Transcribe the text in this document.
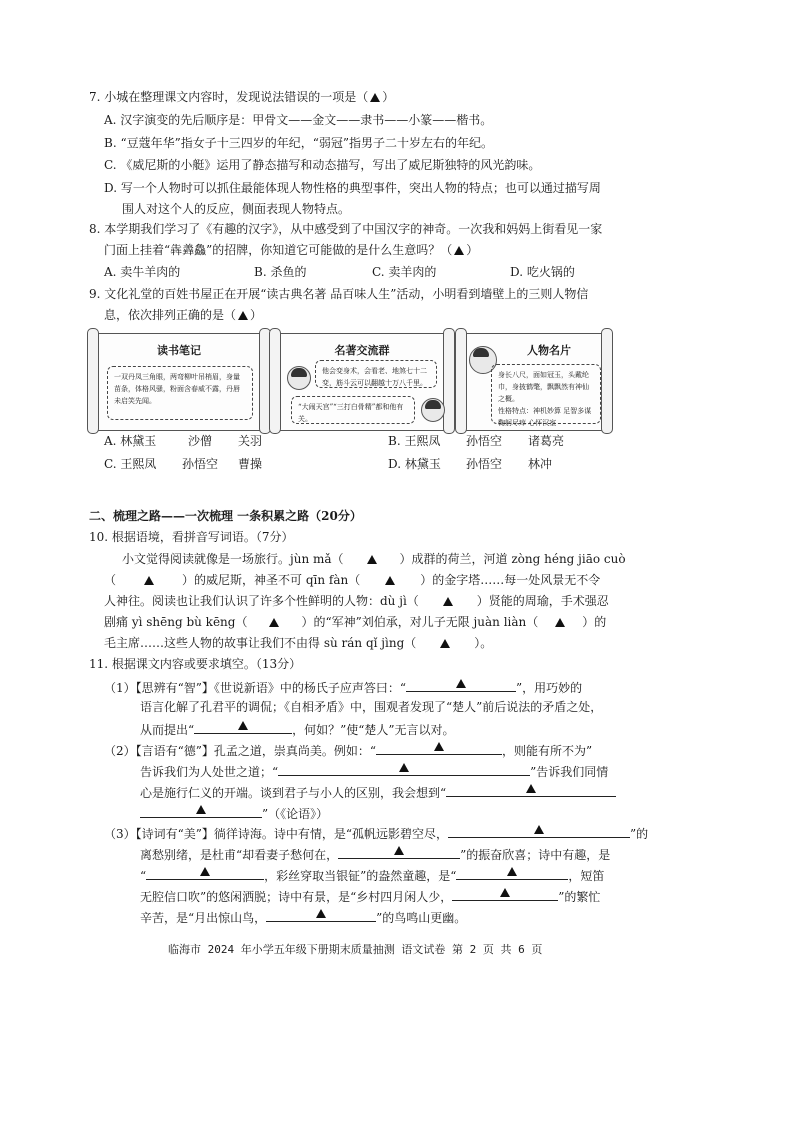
7. 小城在整理课文内容时，发现说法错误的一项是（ ）
A. 汉字演变的先后顺序是：甲骨文——金文——隶书——小篆——楷书。
B. “豆蔻年华”指女子十三四岁的年纪，“弱冠”指男子二十岁左右的年纪。
C. 《威尼斯的小艇》运用了静态描写和动态描写，写出了威尼斯独特的风光韵味。
D. 写一个人物时可以抓住最能体现人物性格的典型事件，突出人物的特点；也可以通过描写周
围人对这个人的反应，侧面表现人物特点。
8. 本学期我们学习了《有趣的汉字》，从中感受到了中国汉字的神奇。一次我和妈妈上街看见一家
门面上挂着“犇羴鱻”的招牌，你知道它可能做的是什么生意吗？（ ）
A. 卖牛羊肉的	B. 杀鱼的	C. 卖羊肉的	D. 吃火锅的
9. 文化礼堂的百姓书屋正在开展“读古典名著 品百味人生”活动，小明看到墙壁上的三则人物信
息，依次排列正确的是（ ）
读书笔记
一双丹凤三角眼，两弯柳叶吊梢眉，身量苗条，体格风骚，粉面含春威不露，丹唇未启笑先闻。
名著交流群
他会变身术，会看老、地煞七十二变，筋斗云可以翻越十万八千里。
“大闹天宫”“三打白骨精”都和他有关。
人物名片
身长八尺，面如冠玉，头戴纶巾，身披鹤氅，飘飘然有神仙之概。
性格特点：神机妙算 足智多谋 鞠躬尽瘁 心怀汉室
A. 林黛玉	沙僧 关羽	B. 王熙凤 孙悟空 诸葛亮
C. 王熙凤 孙悟空 曹操	D. 林黛玉 孙悟空 林冲
二、梳理之路——一次梳理 一条积累之路（20分）
10. 根据语境，看拼音写词语。（7分）
小文觉得阅读就像是一场旅行。jùn mǎ（	）成群的荷兰，河道 zòng héng jiāo cuò
（	）的威尼斯，神圣不可 qīn fàn（	）的金字塔……每一处风景无不令
人神往。阅读也让我们认识了许多个性鲜明的人物：dù jì（	）贤能的周瑜，手术强忍
剧痛 yì shēng bù kēng（	）的“军神”刘伯承，对儿子无限 juàn liàn（	）的
毛主席……这些人物的故事让我们不由得 sù rán qǐ jìng（	）。
11. 根据课文内容或要求填空。（13分）
（1）【思辨有“智”】《世说新语》中的杨氏子应声答曰：“	”，用巧妙的
语言化解了孔君平的调侃；《自相矛盾》中，围观者发现了“楚人”前后说法的矛盾之处，
从而提出“	，何如？”使“楚人”无言以对。
（2）【言语有“德”】孔孟之道，崇真尚美。例如：“	，则能有所不为”
告诉我们为人处世之道；“	”告诉我们同情
心是施行仁义的开端。谈到君子与小人的区别，我会想到“
”（《论语》）
（3）【诗词有“美”】徜徉诗海。诗中有情，是“孤帆远影碧空尽，	”的
离愁别绪，是杜甫“却看妻子愁何在，	”的振奋欣喜；诗中有趣，是
“	，彩丝穿取当银钲”的盎然童趣，是“	，短笛
无腔信口吹”的悠闲洒脱；诗中有景，是“乡村四月闲人少，	”的繁忙
辛苦，是“月出惊山鸟，	”的鸟鸣山更幽。
临海市 2024 年小学五年级下册期末质量抽测 语文试卷 第 2 页 共 6 页
